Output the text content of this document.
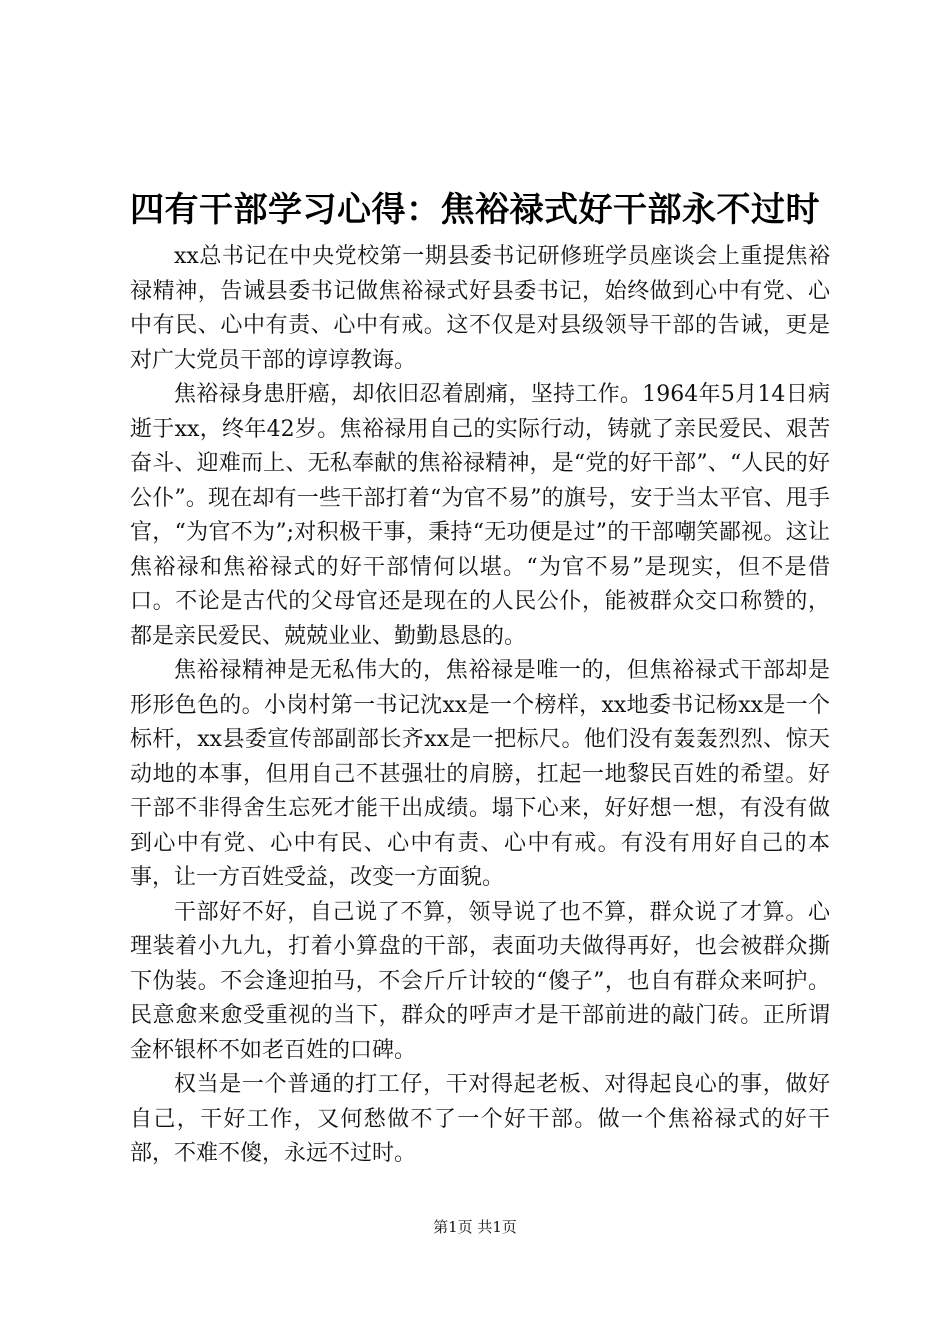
四有干部学习心得：焦裕禄式好干部永不过时

xx总书记在中央党校第一期县委书记研修班学员座谈会上重提焦裕禄精神，告诫县委书记做焦裕禄式好县委书记，始终做到心中有党、心中有民、心中有责、心中有戒。这不仅是对县级领导干部的告诫，更是对广大党员干部的谆谆教诲。

焦裕禄身患肝癌，却依旧忍着剧痛，坚持工作。1964年5月14日病逝于xx，终年42岁。焦裕禄用自己的实际行动，铸就了亲民爱民、艰苦奋斗、迎难而上、无私奉献的焦裕禄精神，是“党的好干部”、“人民的好公仆”。现在却有一些干部打着“为官不易”的旗号，安于当太平官、甩手官，“为官不为”;对积极干事，秉持“无功便是过”的干部嘲笑鄙视。这让焦裕禄和焦裕禄式的好干部情何以堪。“为官不易”是现实，但不是借口。不论是古代的父母官还是现在的人民公仆，能被群众交口称赞的，都是亲民爱民、兢兢业业、勤勤恳恳的。

焦裕禄精神是无私伟大的，焦裕禄是唯一的，但焦裕禄式干部却是形形色色的。小岗村第一书记沈xx是一个榜样，xx地委书记杨xx是一个标杆，xx县委宣传部副部长齐xx是一把标尺。他们没有轰轰烈烈、惊天动地的本事，但用自己不甚强壮的肩膀，扛起一地黎民百姓的希望。好干部不非得舍生忘死才能干出成绩。塌下心来，好好想一想，有没有做到心中有党、心中有民、心中有责、心中有戒。有没有用好自己的本事，让一方百姓受益，改变一方面貌。

干部好不好，自己说了不算，领导说了也不算，群众说了才算。心理装着小九九，打着小算盘的干部，表面功夫做得再好，也会被群众撕下伪装。不会逢迎拍马，不会斤斤计较的“傻子”，也自有群众来呵护。民意愈来愈受重视的当下，群众的呼声才是干部前进的敲门砖。正所谓金杯银杯不如老百姓的口碑。

权当是一个普通的打工仔，干对得起老板、对得起良心的事，做好自己，干好工作，又何愁做不了一个好干部。做一个焦裕禄式的好干部，不难不傻，永远不过时。

第1页 共1页
